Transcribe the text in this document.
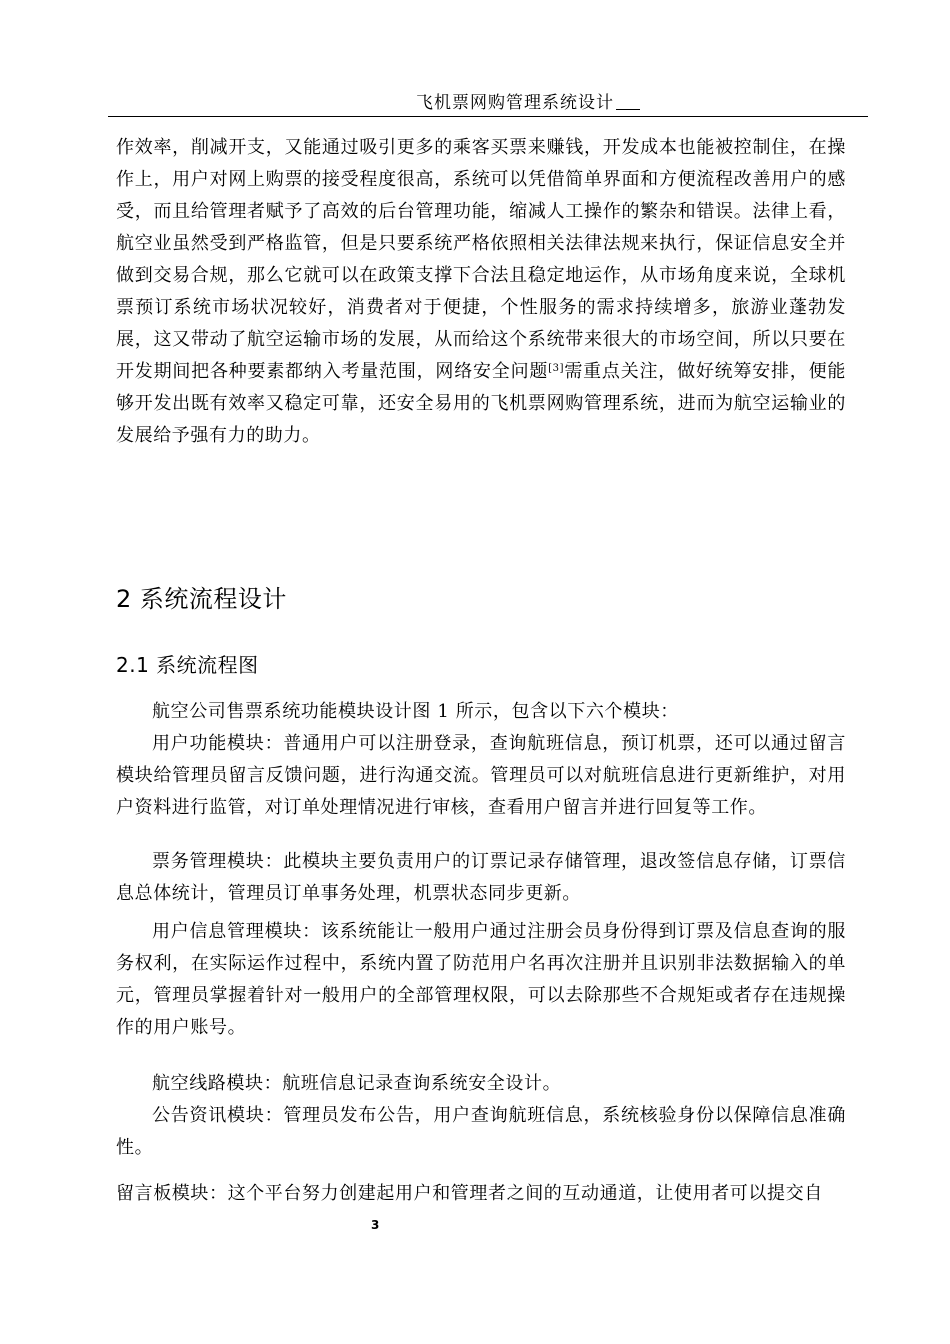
飞机票网购管理系统设计

作效率，削减开支，又能通过吸引更多的乘客买票来赚钱，开发成本也能被控制住，在操作上，用户对网上购票的接受程度很高，系统可以凭借简单界面和方便流程改善用户的感受，而且给管理者赋予了高效的后台管理功能，缩减人工操作的繁杂和错误。法律上看，航空业虽然受到严格监管，但是只要系统严格依照相关法律法规来执行，保证信息安全并做到交易合规，那么它就可以在政策支撑下合法且稳定地运作，从市场角度来说，全球机票预订系统市场状况较好，消费者对于便捷，个性服务的需求持续增多，旅游业蓬勃发展，这又带动了航空运输市场的发展，从而给这个系统带来很大的市场空间，所以只要在开发期间把各种要素都纳入考量范围，网络安全问题[3]需重点关注，做好统筹安排，便能够开发出既有效率又稳定可靠，还安全易用的飞机票网购管理系统，进而为航空运输业的发展给予强有力的助力。

2 系统流程设计
2.1 系统流程图

航空公司售票系统功能模块设计图 1 所示，包含以下六个模块：

用户功能模块：普通用户可以注册登录，查询航班信息，预订机票，还可以通过留言模块给管理员留言反馈问题，进行沟通交流。管理员可以对航班信息进行更新维护，对用户资料进行监管，对订单处理情况进行审核，查看用户留言并进行回复等工作。

票务管理模块：此模块主要负责用户的订票记录存储管理，退改签信息存储，订票信息总体统计，管理员订单事务处理，机票状态同步更新。

用户信息管理模块：该系统能让一般用户通过注册会员身份得到订票及信息查询的服务权利，在实际运作过程中，系统内置了防范用户名再次注册并且识别非法数据输入的单元，管理员掌握着针对一般用户的全部管理权限，可以去除那些不合规矩或者存在违规操作的用户账号。

航空线路模块：航班信息记录查询系统安全设计。

公告资讯模块：管理员发布公告，用户查询航班信息，系统核验身份以保障信息准确性。

留言板模块：这个平台努力创建起用户和管理者之间的互动通道，让使用者可以提交自

3
